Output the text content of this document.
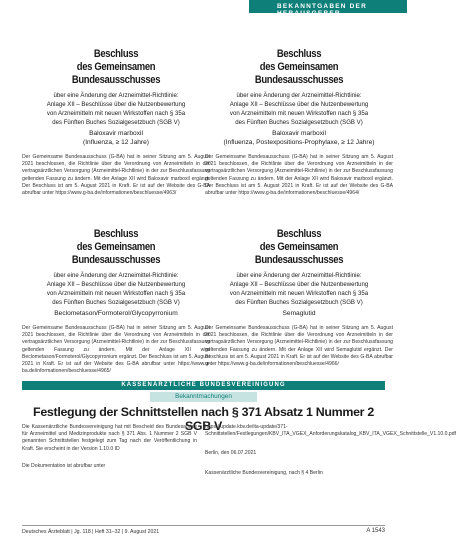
BEKANNTGABEN DER HERAUSGEBER
Beschluss
des Gemeinsamen Bundesausschusses
über eine Änderung der Arzneimittel-Richtlinie:
Anlage XII – Beschlüsse über die Nutzenbewertung
von Arzneimitteln mit neuen Wirkstoffen nach § 35a
des Fünften Buches Sozialgesetzbuch (SGB V)
Baloxavir marboxil
(Influenza, ≥ 12 Jahre)
Der Gemeinsame Bundesausschuss (G-BA) hat in seiner Sitzung am 5. August 2021 beschlossen, die Richtlinie über die Verordnung von Arzneimitteln in der vertragsärztlichen Versorgung (Arzneimittel-Richtlinie) in der zur Beschlussfassung geltenden Fassung zu ändern. Mit der Anlage XII wird Baloxavir marboxil ergänzt. Der Beschluss ist am 5. August 2021 in Kraft. Er ist auf der Website des G-BA abrufbar unter https://www.g-ba.de/informationen/beschluesse/4963/
Beschluss
des Gemeinsamen Bundesausschusses
über eine Änderung der Arzneimittel-Richtlinie:
Anlage XII – Beschlüsse über die Nutzenbewertung
von Arzneimitteln mit neuen Wirkstoffen nach § 35a
des Fünften Buches Sozialgesetzbuch (SGB V)
Baloxavir marboxil
(Influenza, Postexpositions-Prophylaxe, ≥ 12 Jahre)
Der Gemeinsame Bundesausschuss (G-BA) hat in seiner Sitzung am 5. August 2021 beschlossen, die Richtlinie über die Verordnung von Arzneimitteln in der vertragsärztlichen Versorgung (Arzneimittel-Richtlinie) in der zur Beschlussfassung geltenden Fassung zu ändern. Mit der Anlage XII wird Baloxavir marboxil ergänzt. Der Beschluss ist am 5. August 2021 in Kraft. Er ist auf der Website des G-BA abrufbar unter https://www.g-ba.de/informationen/beschluesse/4964/
Beschluss
des Gemeinsamen Bundesausschusses
über eine Änderung der Arzneimittel-Richtlinie:
Anlage XII – Beschlüsse über die Nutzenbewertung
von Arzneimitteln mit neuen Wirkstoffen nach § 35a
des Fünften Buches Sozialgesetzbuch (SGB V)
Beclometason/Formoterol/Glycopyrronium
Der Gemeinsame Bundesausschuss (G-BA) hat in seiner Sitzung am 5. August 2021 beschlossen, die Richtlinie über die Verordnung von Arzneimitteln in der vertragsärztlichen Versorgung (Arzneimittel-Richtlinie) in der zur Beschlussfassung geltenden Fassung zu ändern. Mit der Anlage XII wird Beclometason/Formoterol/Glycopyrronium ergänzt. Der Beschluss ist am 5. August 2021 in Kraft. Er ist auf der Website des G-BA abrufbar unter https://www.g-ba.de/informationen/beschluesse/4965/
Beschluss
des Gemeinsamen Bundesausschusses
über eine Änderung der Arzneimittel-Richtlinie:
Anlage XII – Beschlüsse über die Nutzenbewertung
von Arzneimitteln mit neuen Wirkstoffen nach § 35a
des Fünften Buches Sozialgesetzbuch (SGB V)
Semaglutid
Der Gemeinsame Bundesausschuss (G-BA) hat in seiner Sitzung am 5. August 2021 beschlossen, die Richtlinie über die Verordnung von Arzneimitteln in der vertragsärztlichen Versorgung (Arzneimittel-Richtlinie) in der zur Beschlussfassung geltenden Fassung zu ändern. Mit der Anlage XII wird Semaglutid ergänzt. Der Beschluss ist am 5. August 2021 in Kraft. Er ist auf der Website des G-BA abrufbar unter https://www.g-ba.de/informationen/beschluesse/4966/
KASSENÄRZTLICHE BUNDESVEREINIGUNG
Bekanntmachungen
Festlegung der Schnittstellen nach § 371 Absatz 1 Nummer 2 SGB V
Die Kassenärztliche Bundesvereinigung hat mit Bescheid des Bundesamtes für Arzneimittel und Medizinprodukte nach § 371 Abs. 1 Nummer 2 SGB V genannten Schnittstellen festgelegt zum Tag nach der Veröffentlichung in Kraft. Sie erscheint in der Version 1.10.0 ID
Die Dokumentation ist abrufbar unter
https://update.kbv.de/ita-update/371-Schnittstellen/Festlegungen/KBV_ITA_VGEX_Anforderungskatalog_KBV_ITA_VGEX_Schnittstelle_V1.10.0.pdf
Berlin, den 06.07.2021
Kassenärztliche Bundesvereinigung, nach § 4 Berlin
Deutsches Ärzteblatt | Jg. 118 | Heft 31–32 | 9. August 2021	A 1543
